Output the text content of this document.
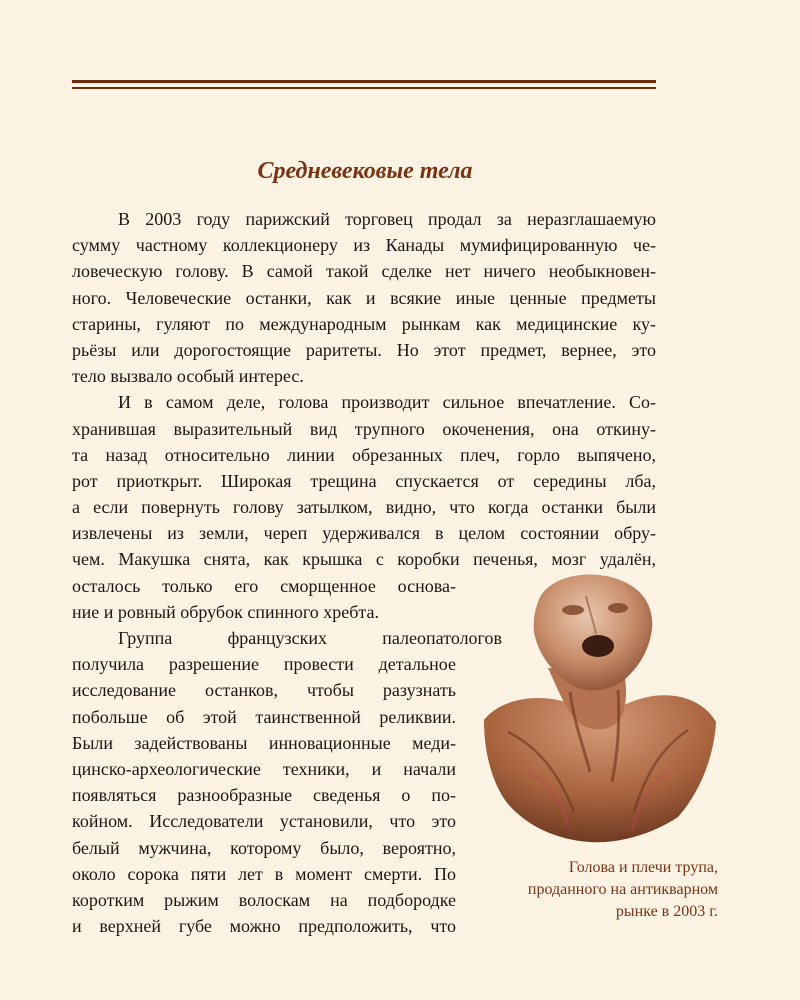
Средневековые тела
В 2003 году парижский торговец продал за неразглашаемую
сумму частному коллекционеру из Канады мумифицированную че-
ловеческую голову. В самой такой сделке нет ничего необыкновен-
ного. Человеческие останки, как и всякие иные ценные предметы
старины, гуляют по международным рынкам как медицинские ку-
рьёзы или дорогостоящие раритеты. Но этот предмет, вернее, это
тело вызвало особый интерес.
И в самом деле, голова производит сильное впечатление. Со-
хранившая выразительный вид трупного окоченения, она откину-
та назад относительно линии обрезанных плеч, горло выпячено,
рот приоткрыт. Широкая трещина спускается от середины лба,
а если повернуть голову затылком, видно, что когда останки были
извлечены из земли, череп удерживался в целом состоянии обру-
чем. Макушка снята, как крышка с коробки печенья, мозг удалён,
осталось только его сморщенное основа-
ние и ровный обрубок спинного хребта.
Группа французских палеопатологов
получила разрешение провести детальное
исследование останков, чтобы разузнать
побольше об этой таинственной реликвии.
Были задействованы инновационные меди-
цинско-археологические техники, и начали
появляться разнообразные сведенья о по-
койном. Исследователи установили, что это
белый мужчина, которому было, вероятно,
около сорока пяти лет в момент смерти. По
коротким рыжим волоскам на подбородке
и верхней губе можно предположить, что
Голова и плечи трупа,
проданного на антикварном
рынке в 2003 г.
